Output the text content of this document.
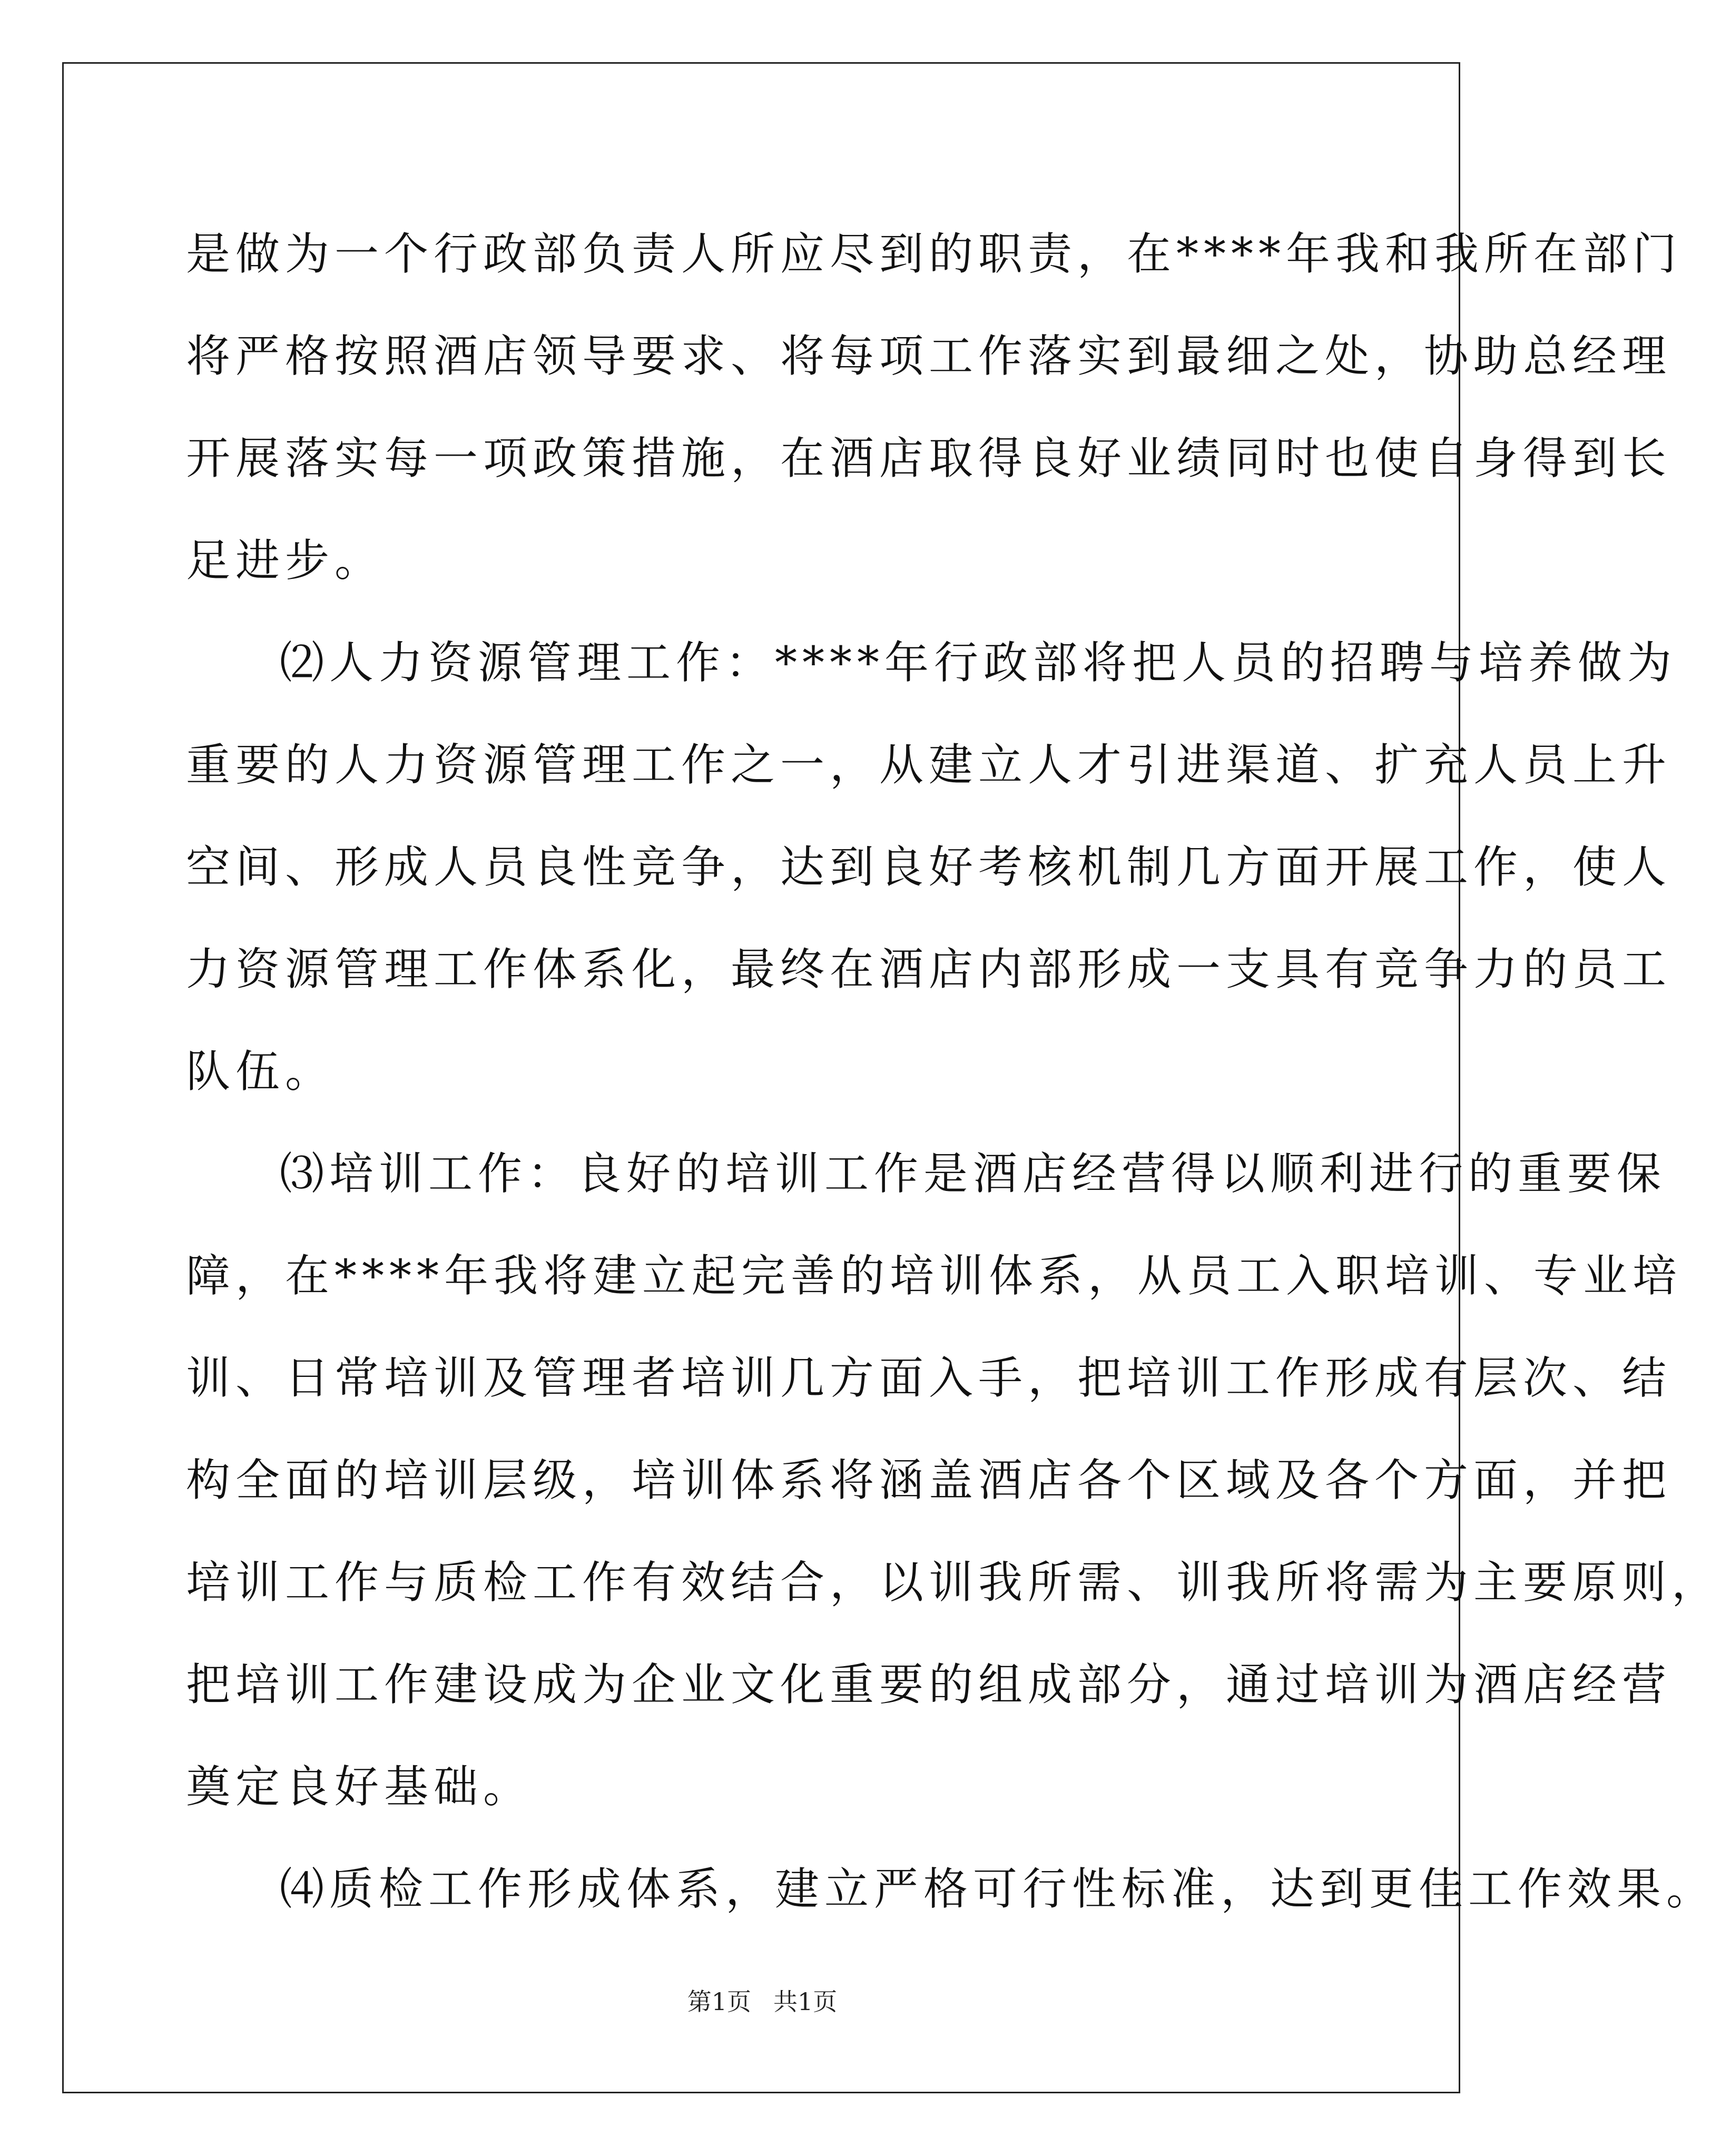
是做为一个行政部负责人所应尽到的职责，在****年我和我所在部门

将严格按照酒店领导要求、将每项工作落实到最细之处，协助总经理

开展落实每一项政策措施，在酒店取得良好业绩同时也使自身得到长

足进步。

⑵人力资源管理工作：****年行政部将把人员的招聘与培养做为

重要的人力资源管理工作之一，从建立人才引进渠道、扩充人员上升

空间、形成人员良性竞争，达到良好考核机制几方面开展工作，使人

力资源管理工作体系化，最终在酒店内部形成一支具有竞争力的员工

队伍。

⑶培训工作：良好的培训工作是酒店经营得以顺利进行的重要保

障，在****年我将建立起完善的培训体系，从员工入职培训、专业培

训、日常培训及管理者培训几方面入手，把培训工作形成有层次、结

构全面的培训层级，培训体系将涵盖酒店各个区域及各个方面，并把

培训工作与质检工作有效结合，以训我所需、训我所将需为主要原则，

把培训工作建设成为企业文化重要的组成部分，通过培训为酒店经营

奠定良好基础。

⑷质检工作形成体系，建立严格可行性标准，达到更佳工作效果。

第1页 共1页
